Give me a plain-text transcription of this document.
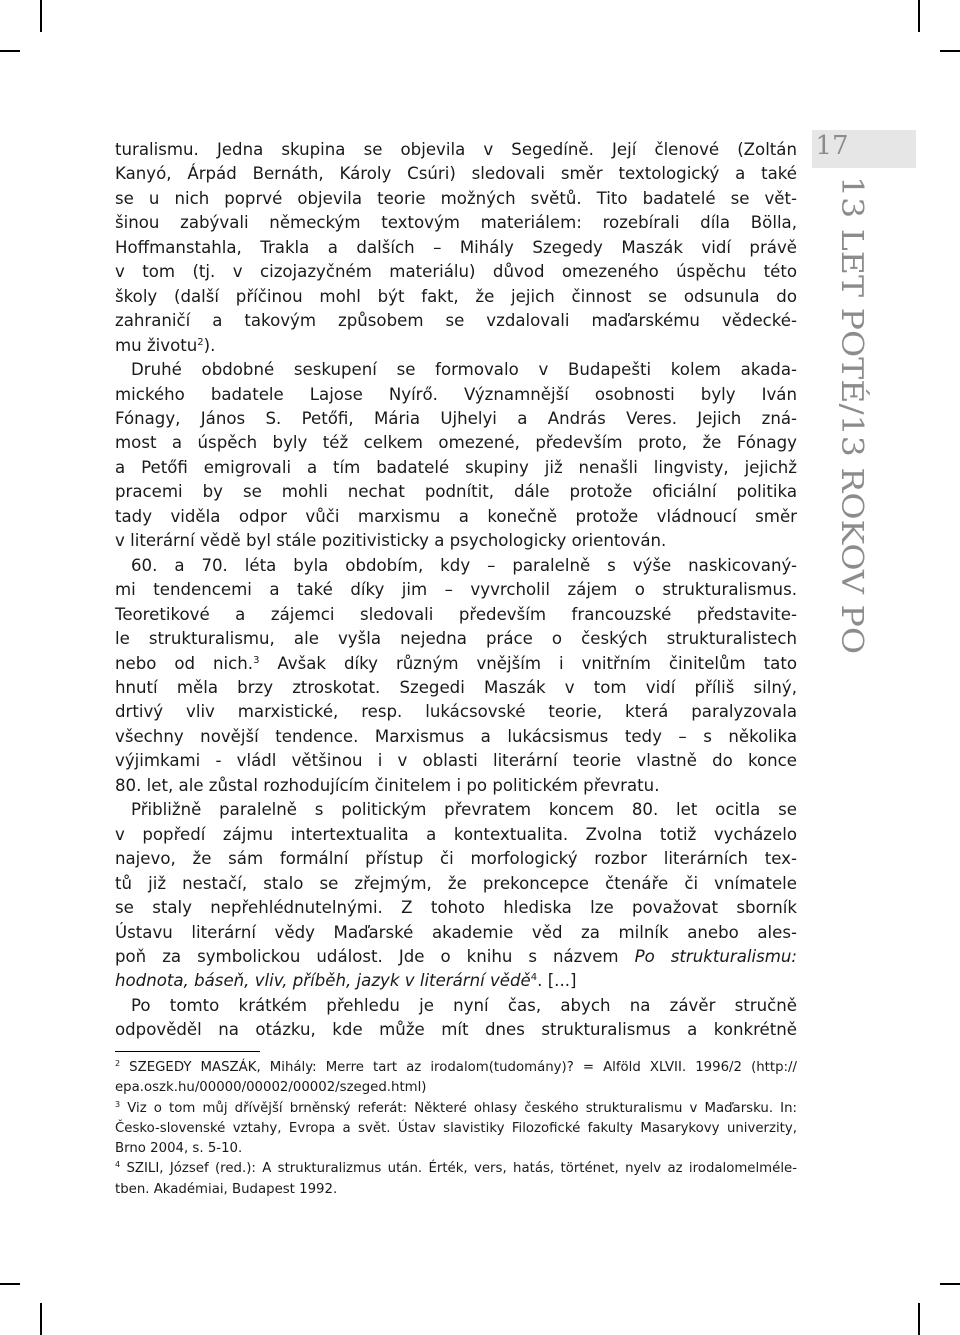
17
13 LET POTÉ/13 ROKOV PO

turalismu. Jedna skupina se objevila v Segedíně. Její členové (Zoltán
Kanyó, Árpád Bernáth, Károly Csúri) sledovali směr textologický a také
se u nich poprvé objevila teorie možných světů. Tito badatelé se vět-
šinou zabývali německým textovým materiálem: rozebírali díla Bölla,
Hoffmanstahla, Trakla a dalších – Mihály Szegedy Maszák vidí právě
v tom (tj. v cizojazyčném materiálu) důvod omezeného úspěchu této
školy (další příčinou mohl být fakt, že jejich činnost se odsunula do
zahraničí a takovým způsobem se vzdalovali maďarskému vědecké-
mu životu$^2$).

Druhé obdobné seskupení se formovalo v Budapešti kolem akada-
mického badatele Lajose Nyírő. Významnější osobnosti byly Iván
Fónagy, János S. Petőfi, Mária Ujhelyi a András Veres. Jejich zná-
most a úspěch byly též celkem omezené, především proto, že Fónagy
a Petőfi emigrovali a tím badatelé skupiny již nenašli lingvisty, jejichž
pracemi by se mohli nechat podnítit, dále protože oficiální politika
tady viděla odpor vůči marxismu a konečně protože vládnoucí směr
v literární vědě byl stále pozitivisticky a psychologicky orientován.

60. a 70. léta byla obdobím, kdy – paralelně s výše naskicovaný-
mi tendencemi a také díky jim – vyvrcholil zájem o strukturalismus.
Teoretikové a zájemci sledovali především francouzské představite-
le strukturalismu, ale vyšla nejedna práce o českých strukturalistech
nebo od nich.$^3$ Avšak díky různým vnějším i vnitřním činitelům tato
hnutí měla brzy ztroskotat. Szegedi Maszák v tom vidí příliš silný,
drtivý vliv marxistické, resp. lukácsovské teorie, která paralyzovala
všechny novější tendence. Marxismus a lukácsismus tedy – s několika
výjimkami - vládl většinou i v oblasti literární teorie vlastně do konce
80. let, ale zůstal rozhodujícím činitelem i po politickém převratu.

Přibližně paralelně s politickým převratem koncem 80. let ocitla se
v popředí zájmu intertextualita a kontextualita. Zvolna totiž vycházelo
najevo, že sám formální přístup či morfologický rozbor literárních tex-
tů již nestačí, stalo se zřejmým, že prekoncepce čtenáře či vnímatele
se staly nepřehlédnutelnými. Z tohoto hlediska lze považovat sborník
Ústavu literární vědy Maďarské akademie věd za milník anebo ales-
poň za symbolickou událost. Jde o knihu s názvem Po strukturalismu:
hodnota, báseň, vliv, příběh, jazyk v literární vědě$^4$. [...]

Po tomto krátkém přehledu je nyní čas, abych na závěr stručně
odpověděl na otázku, kde může mít dnes strukturalismus a konkrétně

$^2$ SZEGEDY MASZÁK, Mihály: Merre tart az irodalom(tudomány)? = Alföld XLVII. 1996/2 (http://
epa.oszk.hu/00000/00002/00002/szeged.html)

$^3$ Viz o tom můj dřívější brněnský referát: Některé ohlasy českého strukturalismu v Maďarsku. In:
Česko-slovenské vztahy, Evropa a svět. Ústav slavistiky Filozofické fakulty Masarykovy univerzity,
Brno 2004, s. 5-10.

$^4$ SZILI, József (red.): A strukturalizmus után. Érték, vers, hatás, történet, nyelv az irodalomelméle-
tben. Akadémiai, Budapest 1992.
